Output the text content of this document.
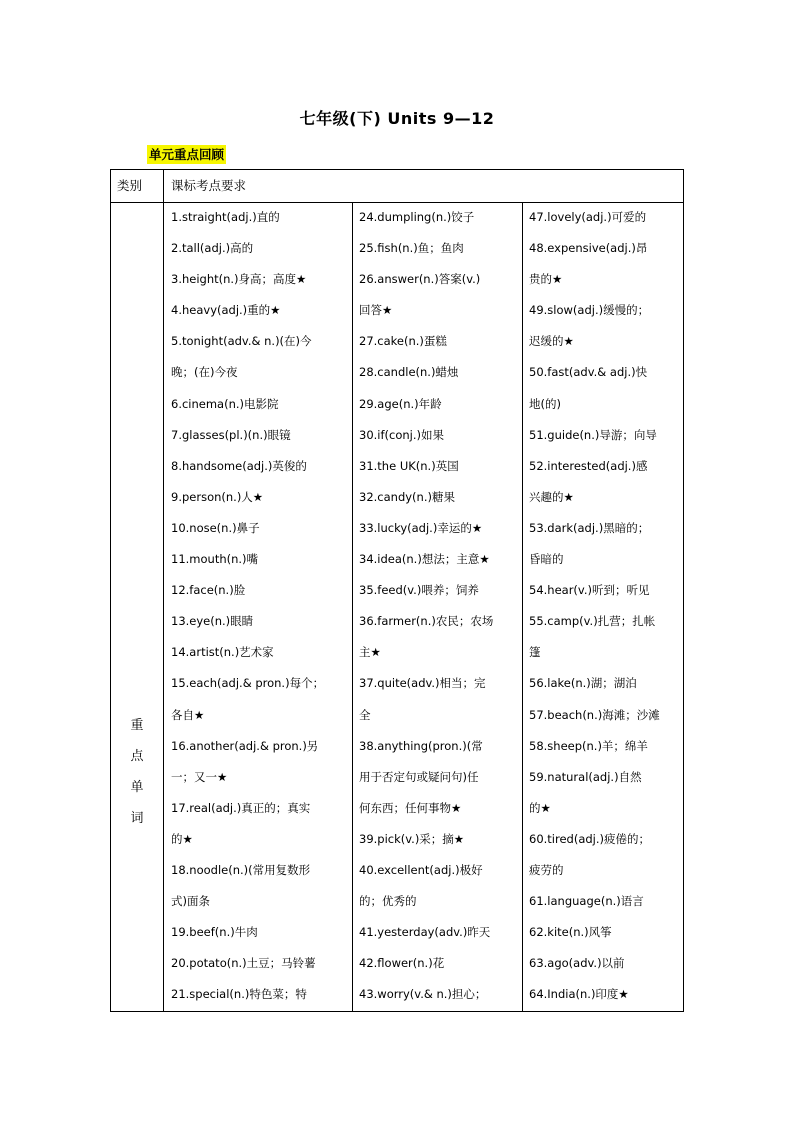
七年级(下) Units 9—12
单元重点回顾
类别 课标考点要求
重
点
单
词
1.straight(adj.)直的
2.tall(adj.)高的
3.height(n.)身高；高度★
4.heavy(adj.)重的★
5.tonight(adv.& n.)(在)今
晚；(在)今夜
6.cinema(n.)电影院
7.glasses(pl.)(n.)眼镜
8.handsome(adj.)英俊的
9.person(n.)人★
10.nose(n.)鼻子
11.mouth(n.)嘴
12.face(n.)脸
13.eye(n.)眼睛
14.artist(n.)艺术家
15.each(adj.& pron.)每个；
各自★
16.another(adj.& pron.)另
一；又一★
17.real(adj.)真正的；真实
的★
18.noodle(n.)(常用复数形
式)面条
19.beef(n.)牛肉
20.potato(n.)土豆；马铃薯
21.special(n.)特色菜；特
24.dumpling(n.)饺子
25.fish(n.)鱼；鱼肉
26.answer(n.)答案(v.)
回答★
27.cake(n.)蛋糕
28.candle(n.)蜡烛
29.age(n.)年龄
30.if(conj.)如果
31.the UK(n.)英国
32.candy(n.)糖果
33.lucky(adj.)幸运的★
34.idea(n.)想法；主意★
35.feed(v.)喂养；饲养
36.farmer(n.)农民；农场
主★
37.quite(adv.)相当；完
全
38.anything(pron.)(常
用于否定句或疑问句)任
何东西；任何事物★
39.pick(v.)采；摘★
40.excellent(adj.)极好
的；优秀的
41.yesterday(adv.)昨天
42.flower(n.)花
43.worry(v.& n.)担心；
47.lovely(adj.)可爱的
48.expensive(adj.)昂
贵的★
49.slow(adj.)缓慢的；
迟缓的★
50.fast(adv.& adj.)快
地(的)
51.guide(n.)导游；向导
52.interested(adj.)感
兴趣的★
53.dark(adj.)黑暗的；
昏暗的
54.hear(v.)听到；听见
55.camp(v.)扎营；扎帐
篷
56.lake(n.)湖；湖泊
57.beach(n.)海滩；沙滩
58.sheep(n.)羊；绵羊
59.natural(adj.)自然
的★
60.tired(adj.)疲倦的；
疲劳的
61.language(n.)语言
62.kite(n.)风筝
63.ago(adv.)以前
64.India(n.)印度★
